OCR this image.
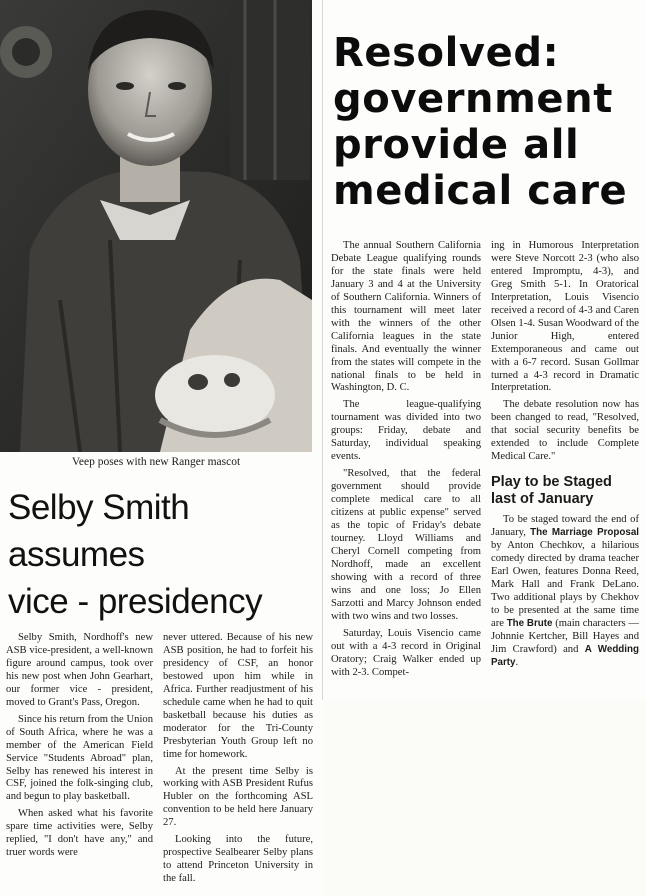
Veep poses with new Ranger mascot
Selby Smith
assumes
vice - presidency

Selby Smith, Nordhoff's new ASB vice-president, a well-known figure around campus, took over his new post when John Gearhart, our former vice - president, moved to Grant's Pass, Oregon.

Since his return from the Union of South Africa, where he was a member of the American Field Service "Students Abroad" plan, Selby has renewed his interest in CSF, joined the folk-singing club, and begun to play basketball.

When asked what his favorite spare time activities were, Selby replied, "I don't have any," and truer words were

never uttered. Because of his new ASB position, he had to forfeit his presidency of CSF, an honor bestowed upon him while in Africa. Further readjustment of his schedule came when he had to quit basketball because his duties as moderator for the Tri-County Presbyterian Youth Group left no time for homework.

At the present time Selby is working with ASB President Rufus Hubler on the forthcoming ASL convention to be held here January 27.

Looking into the future, prospective Sealbearer Selby plans to attend Princeton University in the fall.

Resolved:
government
provide all
medical care

The annual Southern California Debate League qualifying rounds for the state finals were held January 3 and 4 at the University of Southern California. Winners of this tournament will meet later with the winners of the other California leagues in the state finals. And eventually the winner from the states will compete in the national finals to be held in Washington, D. C.

The league-qualifying tournament was divided into two groups: Friday, debate and Saturday, individual speaking events.

"Resolved, that the federal government should provide complete medical care to all citizens at public expense" served as the topic of Friday's debate tourney. Lloyd Williams and Cheryl Cornell competing from Nordhoff, made an excellent showing with a record of three wins and one loss; Jo Ellen Sarzotti and Marcy Johnson ended with two wins and two losses.

Saturday, Louis Visencio came out with a 4-3 record in Original Oratory; Craig Walker ended up with 2-3. Compet-

ing in Humorous Interpretation were Steve Norcott 2-3 (who also entered Impromptu, 4-3), and Greg Smith 5-1. In Oratorical Interpretation, Louis Visencio received a record of 4-3 and Caren Olsen 1-4. Susan Woodward of the Junior High, entered Extemporaneous and came out with a 6-7 record. Susan Gollmar turned a 4-3 record in Dramatic Interpretation.

The debate resolution now has been changed to read, "Resolved, that social security benefits be extended to include Complete Medical Care."

Play to be Staged last of January

To be staged toward the end of January, The Marriage Proposal by Anton Chechkov, a hilarious comedy directed by drama teacher Earl Owen, features Donna Reed, Mark Hall and Frank DeLano. Two additional plays by Chekhov to be presented at the same time are The Brute (main characters — Johnnie Kertcher, Bill Hayes and Jim Crawford) and A Wedding Party.
